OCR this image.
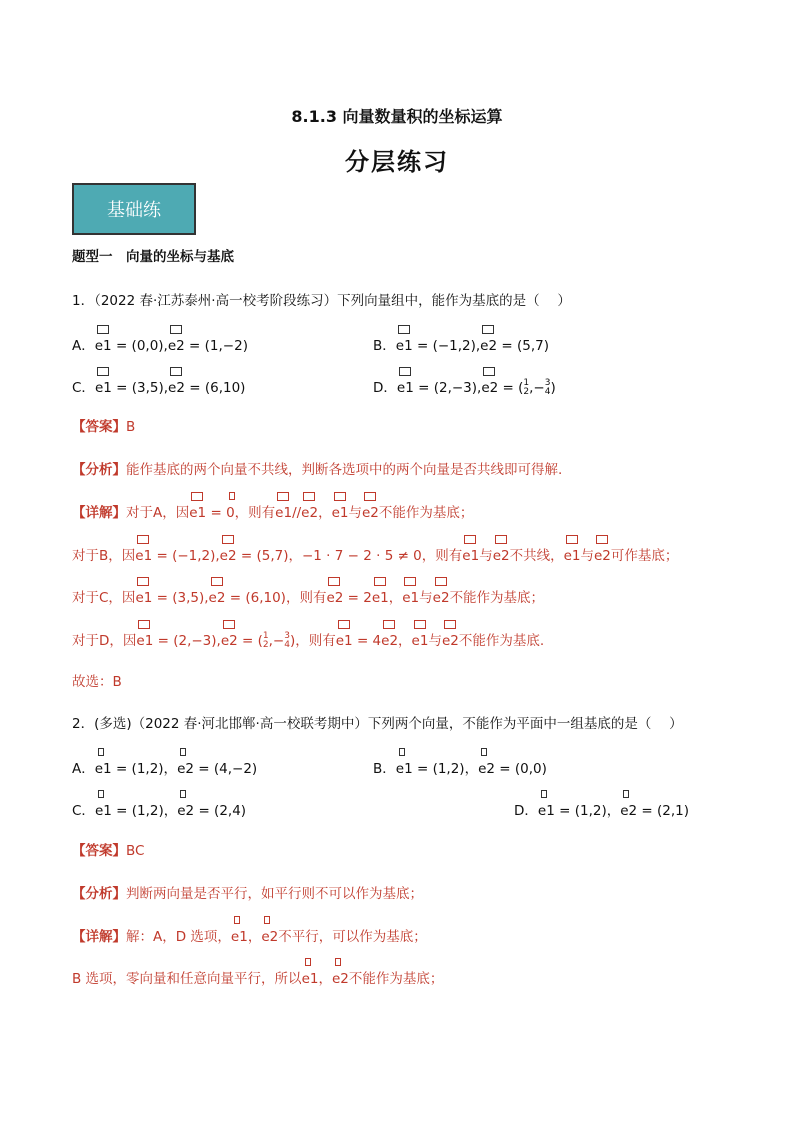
8.1.3 向量数量积的坐标运算
分层练习
基础练
题型一　向量的坐标与基底
1．（2022 春·江苏泰州·高一校考阶段练习）下列向量组中，能作为基底的是（　 ）
A．
e1 = (0,0),
e2 = (1,−2)	B．
e1 = (−1,2),
e2 = (5,7)
C．
e1 = (3,5),
e2 = (6,10)	D．
e1 = (2,−3),
e2 = (1
2,−3
4)
【答案】B
【分析】能作基底的两个向量不共线，判断各选项中的两个向量是否共线即可得解.
【详解】对于A，因
e1 =
0，则有
e1//
e2，
e1与
e2不能作为基底；
对于B，因
e1 = (−1,2),
e2 = (5,7)，−1 · 7 − 2 · 5 ≠ 0，则有
e1与
e2不共线，
e1与
e2可作基底；
对于C，因
e1 = (3,5),
e2 = (6,10)，则有
e2 = 2
e1，
e1与
e2不能作为基底；
对于D，因
e1 = (2,−3),
e2 = (1
2,−3
4)，则有
e1 = 4
e2，
e1与
e2不能作为基底.
故选：B
2．(多选)（2022 春·河北邯郸·高一校联考期中）下列两个向量，不能作为平面中一组基底的是（　 ）
A．
e1 = (1,2)，
e2 = (4,−2)	B．
e1 = (1,2)，
e2 = (0,0)
C．
e1 = (1,2)，
e2 = (2,4)	D．
e1 = (1,2)，
e2 = (2,1)
【答案】BC
【分析】判断两向量是否平行，如平行则不可以作为基底；
【详解】解：A，D 选项，
e1，
e2不平行，可以作为基底；
B 选项，零向量和任意向量平行，所以
e1，
e2不能作为基底；
